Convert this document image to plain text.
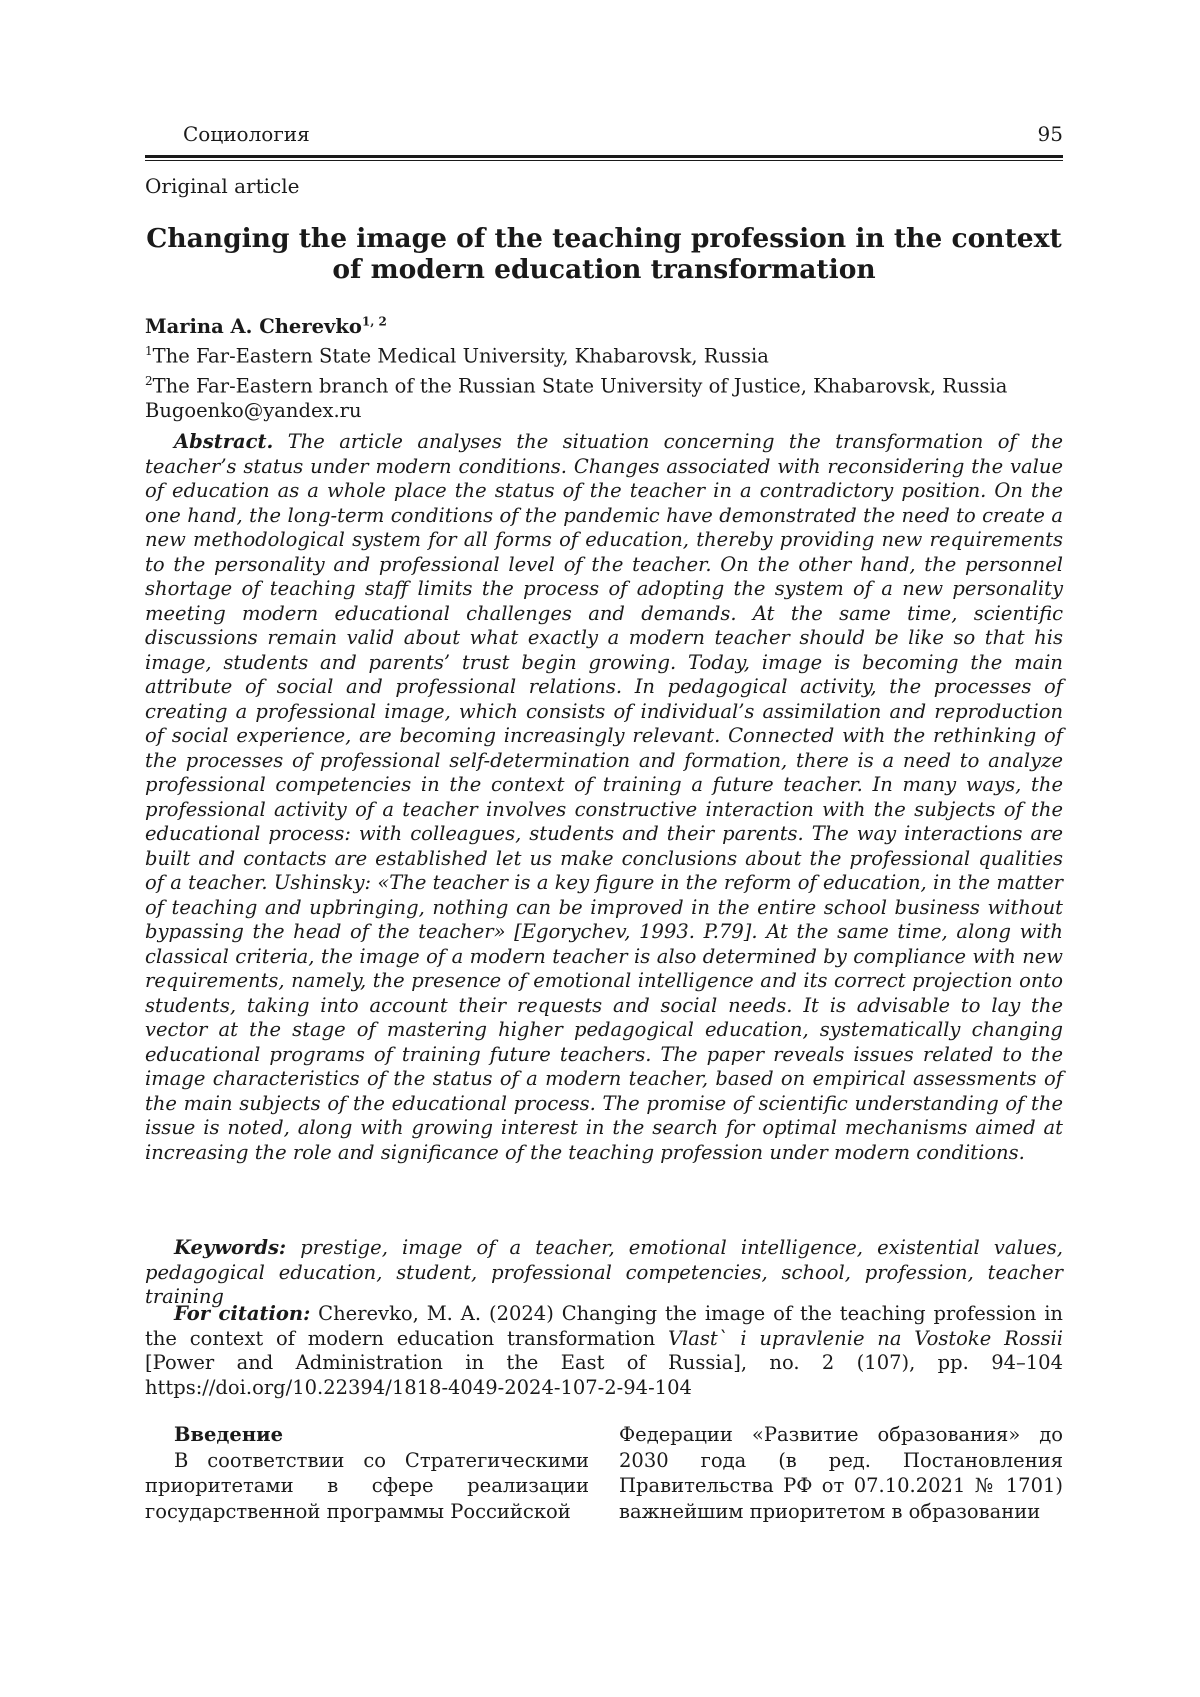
Социология	95
Original article
Changing the image of the teaching profession in the context of modern education transformation
Marina A. Cherevko$^{1, 2}$
$^1$The Far-Eastern State Medical University, Khabarovsk, Russia
$^2$The Far-Eastern branch of the Russian State University of Justice, Khabarovsk, Russia
Bugoenko@yandex.ru
Abstract. The article analyses the situation concerning the transformation of the teacher’s status under modern conditions. Changes associated with reconsidering the value of education as a whole place the status of the teacher in a contradictory position. On the one hand, the long-term conditions of the pandemic have demonstrated the need to create a new methodological system for all forms of education, thereby providing new requirements to the personality and professional level of the teacher. On the other hand, the personnel shortage of teaching staff limits the process of adopting the system of a new personality meeting modern educational challenges and demands. At the same time, scientific discussions remain valid about what exactly a modern teacher should be like so that his image, students and parents’ trust begin growing. Today, image is becoming the main attribute of social and professional relations. In pedagogical activity, the processes of creating a professional image, which consists of individual’s assimilation and reproduction of social experience, are becoming increasingly relevant. Connected with the rethinking of the processes of professional self-determination and formation, there is a need to analyze professional competencies in the context of training a future teacher. In many ways, the professional activity of a teacher involves constructive interaction with the subjects of the educational process: with colleagues, students and their parents. The way interactions are built and contacts are established let us make conclusions about the professional qualities of a teacher. Ushinsky: «The teacher is a key figure in the reform of education, in the matter of teaching and upbringing, nothing can be improved in the entire school business without bypassing the head of the teacher» [Egorychev, 1993. P.79]. At the same time, along with classical criteria, the image of a modern teacher is also determined by compliance with new requirements, namely, the presence of emotional intelligence and its correct projection onto students, taking into account their requests and social needs. It is advisable to lay the vector at the stage of mastering higher pedagogical education, systematically changing educational programs of training future teachers. The paper reveals issues related to the image characteristics of the status of a modern teacher, based on empirical assessments of the main subjects of the educational process. The promise of scientific understanding of the issue is noted, along with growing interest in the search for optimal mechanisms aimed at increasing the role and significance of the teaching profession under modern conditions.
Keywords: prestige, image of a teacher, emotional intelligence, existential values, pedagogical education, student, professional competencies, school, profession, teacher training
For citation: Cherevko, M. A. (2024) Changing the image of the teaching profession in the context of modern education transformation Vlast` i upravlenie na Vostoke Rossii [Power and Administration in the East of Russia], no. 2 (107), pp. 94–104 https://doi.org/10.22394/1818-4049-2024-107-2-94-104
Введение
В соответствии со Стратегическими приоритетами в сфере реализации государственной программы Российской
Федерации «Развитие образования» до 2030 года (в ред. Постановления Правительства РФ от 07.10.2021 № 1701) важнейшим приоритетом в образовании
